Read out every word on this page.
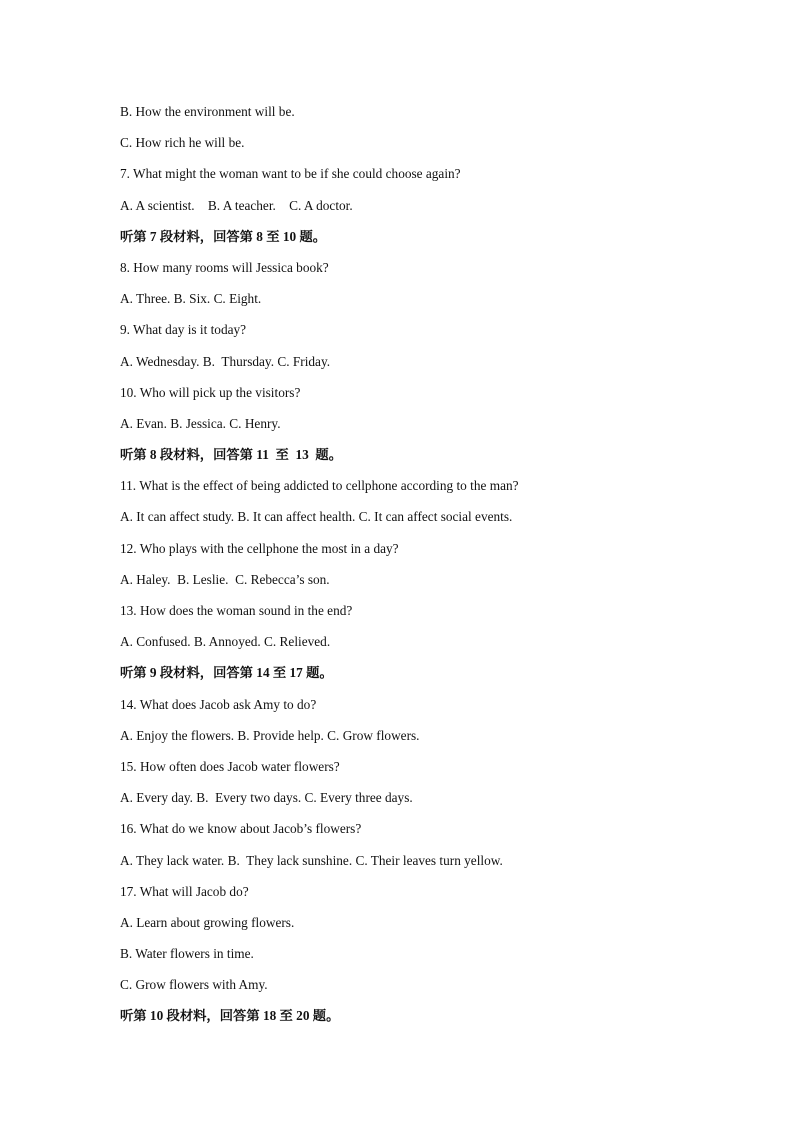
B. How the environment will be.
C. How rich he will be.
7. What might the woman want to be if she could choose again?
A. A scientist.    B. A teacher.    C. A doctor.
听第 7 段材料，回答第 8 至 10 题。
8. How many rooms will Jessica book?
A. Three. B. Six. C. Eight.
9. What day is it today?
A. Wednesday. B.  Thursday. C. Friday.
10. Who will pick up the visitors?
A. Evan. B. Jessica. C. Henry.
听第 8 段材料，回答第 11  至  13  题。
11. What is the effect of being addicted to cellphone according to the man?
A. It can affect study. B. It can affect health. C. It can affect social events.
12. Who plays with the cellphone the most in a day?
A. Haley.  B. Leslie.  C. Rebecca’s son.
13. How does the woman sound in the end?
A. Confused. B. Annoyed. C. Relieved.
听第 9 段材料，回答第 14 至 17 题。
14. What does Jacob ask Amy to do?
A. Enjoy the flowers. B. Provide help. C. Grow flowers.
15. How often does Jacob water flowers?
A. Every day. B.  Every two days. C. Every three days.
16. What do we know about Jacob’s flowers?
A. They lack water. B.  They lack sunshine. C. Their leaves turn yellow.
17. What will Jacob do?
A. Learn about growing flowers.
B. Water flowers in time.
C. Grow flowers with Amy.
听第 10 段材料，回答第 18 至 20 题。
